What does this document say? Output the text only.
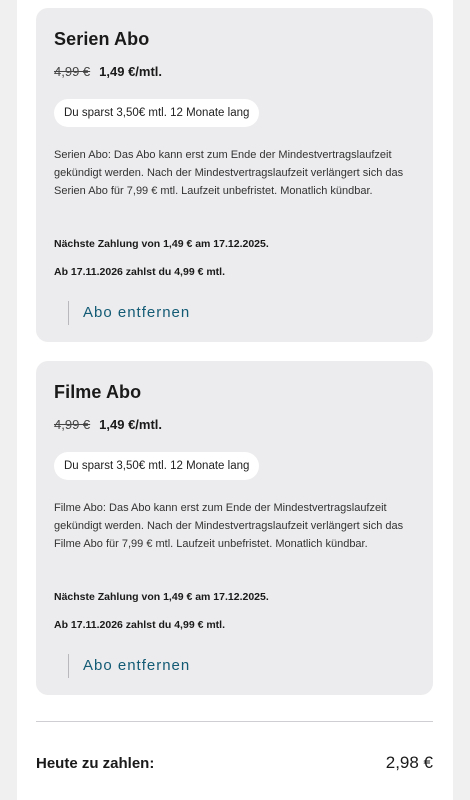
Serien Abo
4,99 € 1,49 €/mtl.
Du sparst 3,50€ mtl. 12 Monate lang

Serien Abo: Das Abo kann erst zum Ende der Mindestvertragslaufzeit gekündigt werden. Nach der Mindestvertragslaufzeit verlängert sich das Serien Abo für 7,99 € mtl. Laufzeit unbefristet. Monatlich kündbar.

Nächste Zahlung von 1,49 € am 17.12.2025.
Ab 17.11.2026 zahlst du 4,99 € mtl.
Abo entfernen
Filme Abo
4,99 € 1,49 €/mtl.
Du sparst 3,50€ mtl. 12 Monate lang

Filme Abo: Das Abo kann erst zum Ende der Mindestvertragslaufzeit gekündigt werden. Nach der Mindestvertragslaufzeit verlängert sich das Filme Abo für 7,99 € mtl. Laufzeit unbefristet. Monatlich kündbar.

Nächste Zahlung von 1,49 € am 17.12.2025.
Ab 17.11.2026 zahlst du 4,99 € mtl.
Abo entfernen
Heute zu zahlen:	2,98 €
